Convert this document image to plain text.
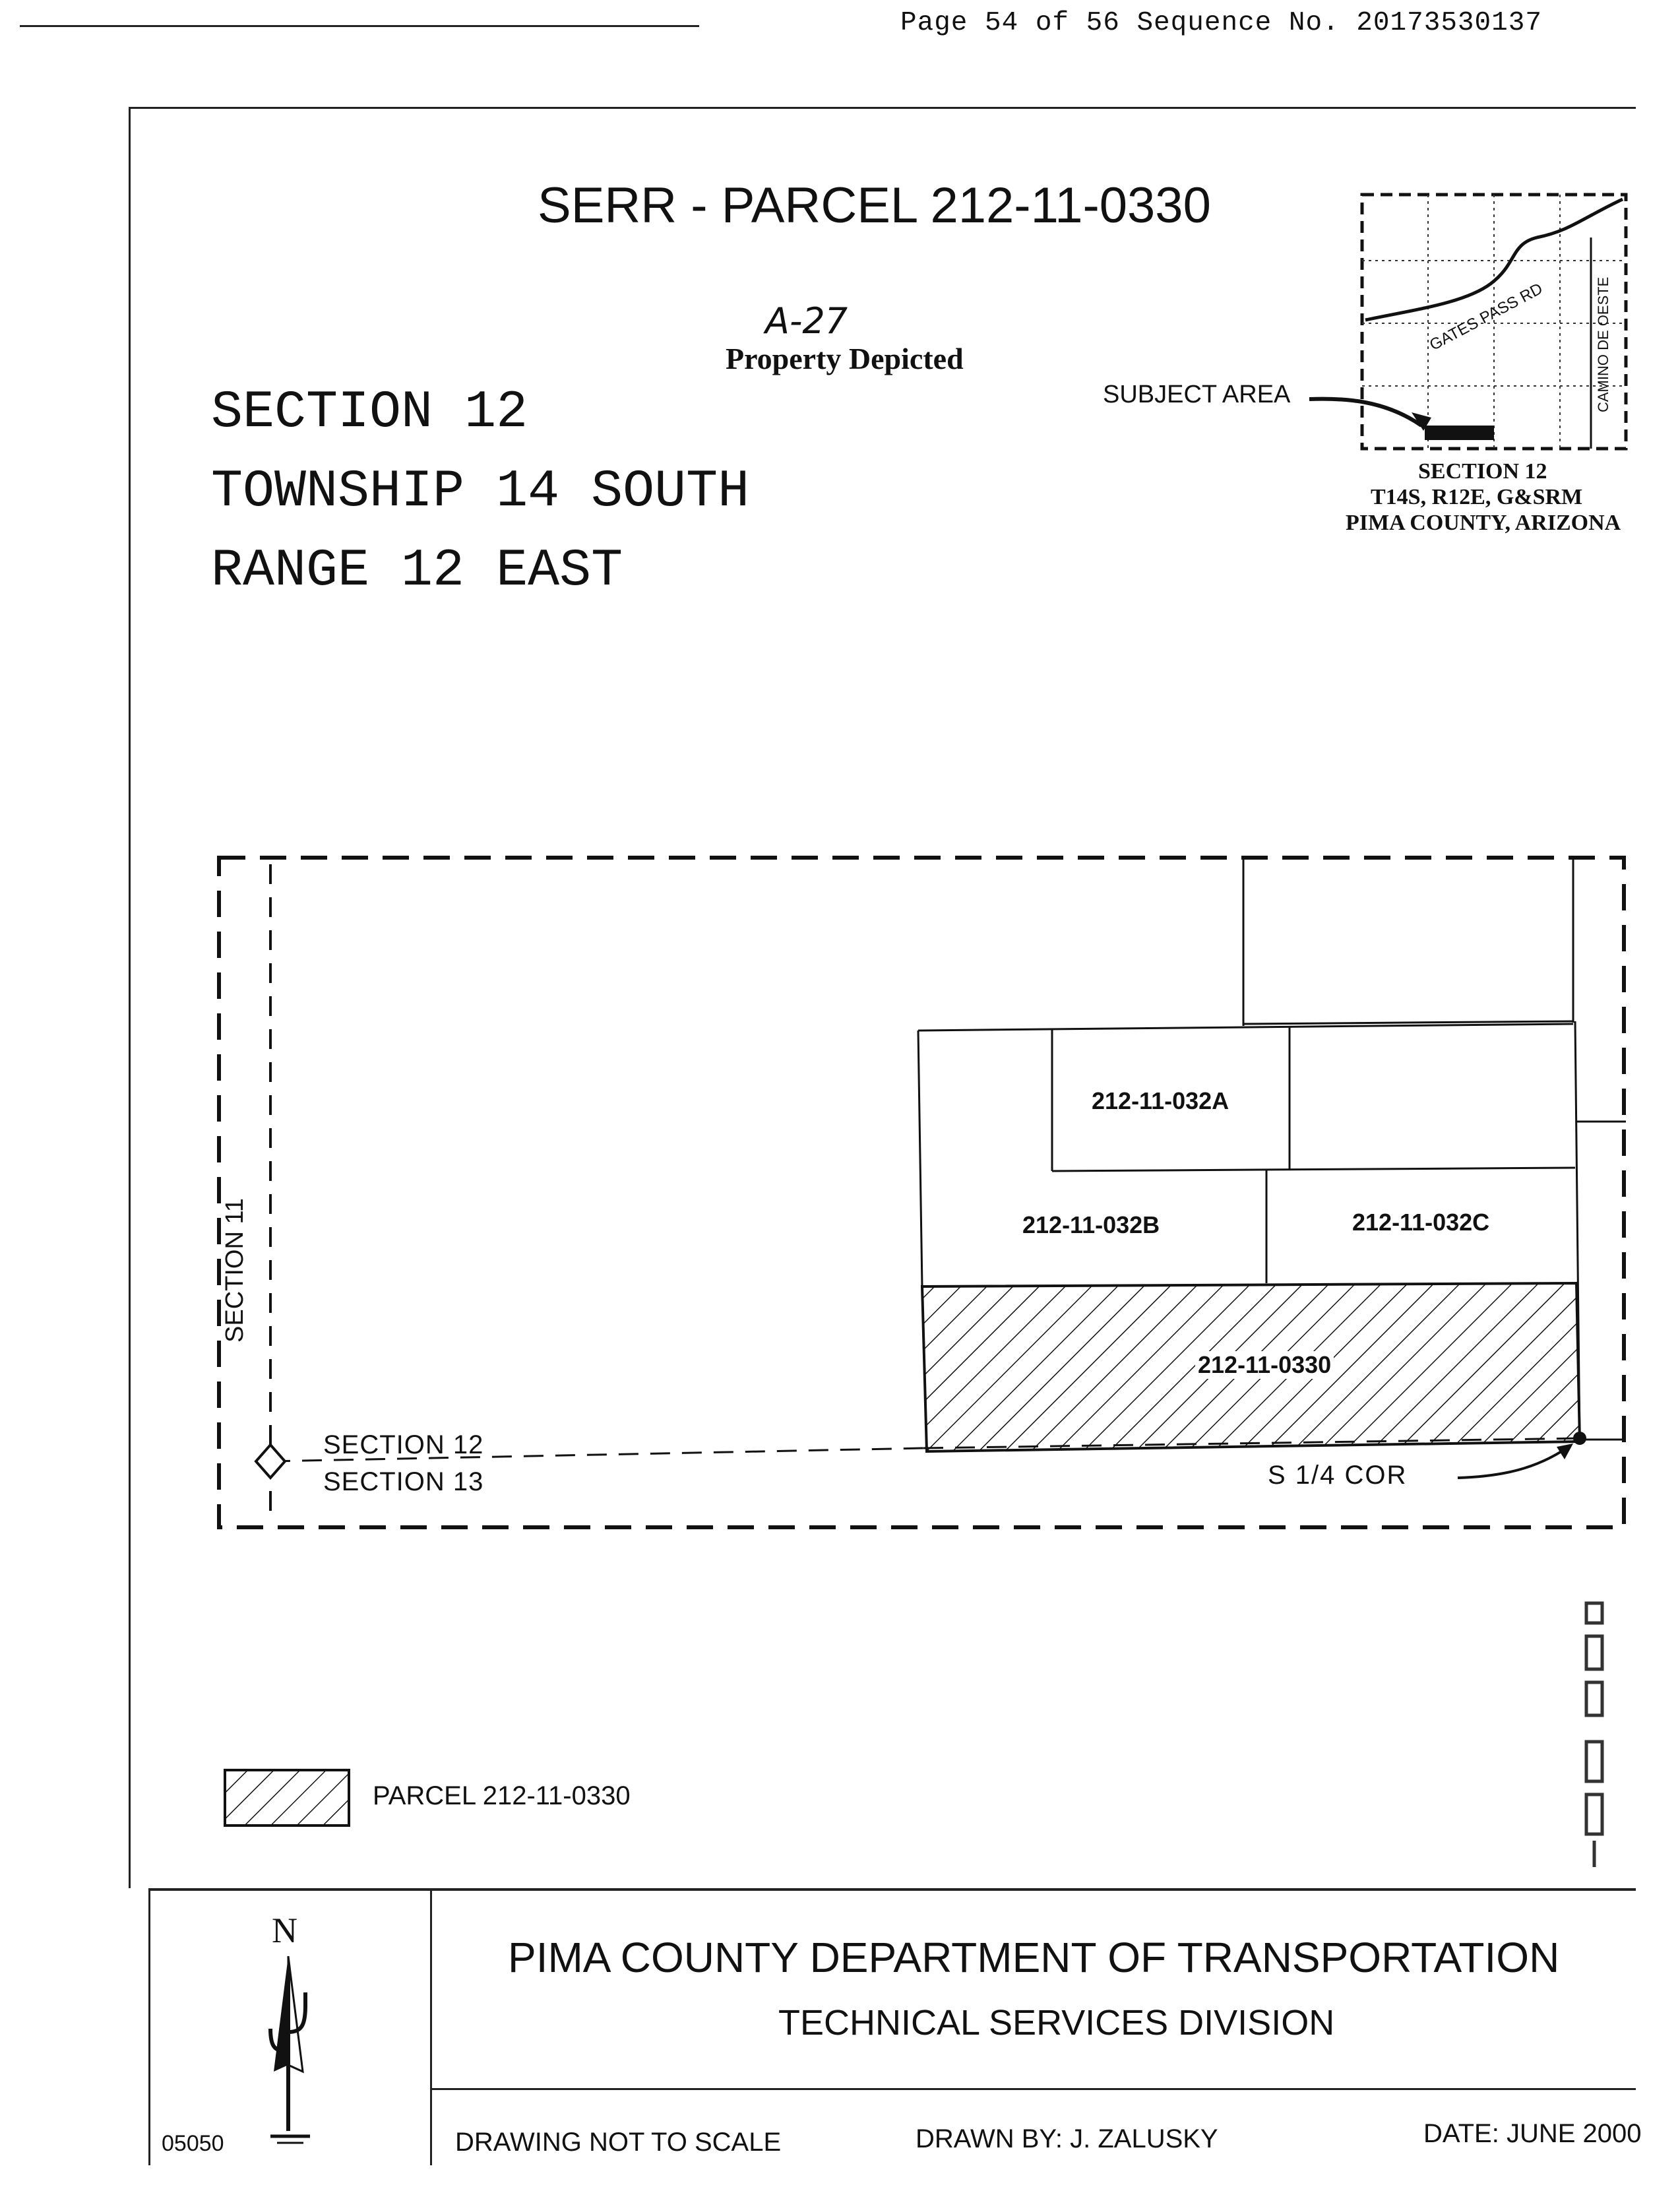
Page 54 of 56 Sequence No. 20173530137
SERR - PARCEL 212-11-0330
A-27
Property Depicted
SECTION 12
TOWNSHIP 14 SOUTH
RANGE 12 EAST
GATES PASS RD	CAMINO DE OESTE
SUBJECT AREA
SECTION 12
T14S, R12E, G&SRM
PIMA COUNTY, ARIZONA
212-11-032A
212-11-032B	212-11-032C
212-11-0330
SECTION 11
SECTION 12
SECTION 13	S 1/4 COR
PARCEL 212-11-0330
N
PIMA COUNTY DEPARTMENT OF TRANSPORTATION
TECHNICAL SERVICES DIVISION
05050	DRAWING NOT TO SCALE	DRAWN BY: J. ZALUSKY	DATE: JUNE 2000
